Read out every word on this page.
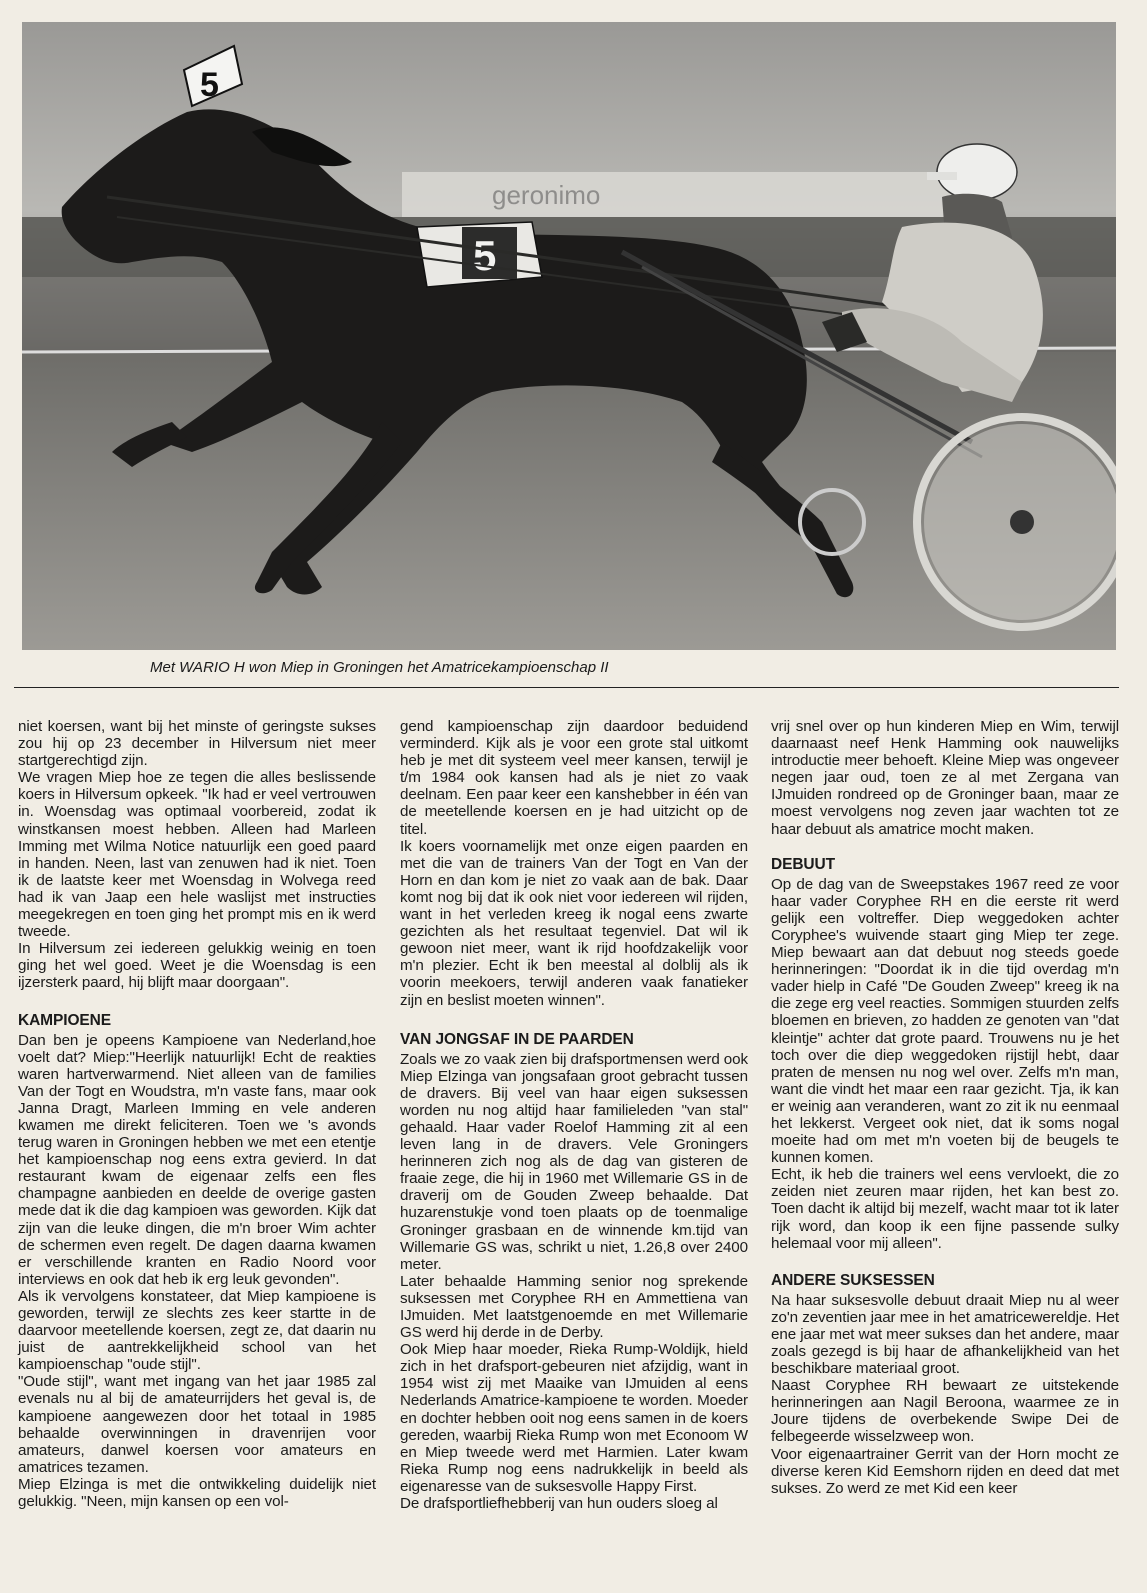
geronimo
5
5
Met WARIO H won Miep in Groningen het Amatricekampioenschap II

niet koersen, want bij het minste of geringste sukses zou hij op 23 december in Hilversum niet meer startgerechtigd zijn.

We vragen Miep hoe ze tegen die alles beslissende koers in Hilversum opkeek. "Ik had er veel vertrouwen in. Woensdag was optimaal voorbereid, zodat ik winstkansen moest hebben. Alleen had Marleen Imming met Wilma Notice natuurlijk een goed paard in handen. Neen, last van zenuwen had ik niet. Toen ik de laatste keer met Woensdag in Wolvega reed had ik van Jaap een hele waslijst met instructies meegekregen en toen ging het prompt mis en ik werd tweede.

In Hilversum zei iedereen gelukkig weinig en toen ging het wel goed. Weet je die Woensdag is een ijzersterk paard, hij blijft maar doorgaan".

KAMPIOENE

Dan ben je opeens Kampioene van Nederland,hoe voelt dat? Miep:"Heerlijk natuurlijk! Echt de reakties waren hartverwarmend. Niet alleen van de families Van der Togt en Woudstra, m'n vaste fans, maar ook Janna Dragt, Marleen Imming en vele anderen kwamen me direkt feliciteren. Toen we 's avonds terug waren in Groningen hebben we met een etentje het kampioenschap nog eens extra gevierd. In dat restaurant kwam de eigenaar zelfs een fles champagne aanbieden en deelde de overige gasten mede dat ik die dag kampioen was geworden. Kijk dat zijn van die leuke dingen, die m'n broer Wim achter de schermen even regelt. De dagen daarna kwamen er verschillende kranten en Radio Noord voor interviews en ook dat heb ik erg leuk gevonden".

Als ik vervolgens konstateer, dat Miep kampioene is geworden, terwijl ze slechts zes keer startte in de daarvoor meetellende koersen, zegt ze, dat daarin nu juist de aantrekkelijkheid school van het kampioenschap "oude stijl".

"Oude stijl", want met ingang van het jaar 1985 zal evenals nu al bij de amateurrijders het geval is, de kampioene aangewezen door het totaal in 1985 behaalde overwinningen in dravenrijen voor amateurs, danwel koersen voor amateurs en amatrices tezamen.

Miep Elzinga is met die ontwikkeling duidelijk niet gelukkig. "Neen, mijn kansen op een vol-

gend kampioenschap zijn daardoor beduidend verminderd. Kijk als je voor een grote stal uitkomt heb je met dit systeem veel meer kansen, terwijl je t/m 1984 ook kansen had als je niet zo vaak deelnam. Een paar keer een kanshebber in één van de meetellende koersen en je had uitzicht op de titel.

Ik koers voornamelijk met onze eigen paarden en met die van de trainers Van der Togt en Van der Horn en dan kom je niet zo vaak aan de bak. Daar komt nog bij dat ik ook niet voor iedereen wil rijden, want in het verleden kreeg ik nogal eens zwarte gezichten als het resultaat tegenviel. Dat wil ik gewoon niet meer, want ik rijd hoofdzakelijk voor m'n plezier. Echt ik ben meestal al dolblij als ik voorin meekoers, terwijl anderen vaak fanatieker zijn en beslist moeten winnen".

VAN JONGSAF IN DE PAARDEN

Zoals we zo vaak zien bij drafsportmensen werd ook Miep Elzinga van jongsafaan groot gebracht tussen de dravers. Bij veel van haar eigen suksessen worden nu nog altijd haar familieleden "van stal" gehaald. Haar vader Roelof Hamming zit al een leven lang in de dravers. Vele Groningers herinneren zich nog als de dag van gisteren de fraaie zege, die hij in 1960 met Willemarie GS in de draverij om de Gouden Zweep behaalde. Dat huzarenstukje vond toen plaats op de toenmalige Groninger grasbaan en de winnende km.tijd van Willemarie GS was, schrikt u niet, 1.26,8 over 2400 meter.

Later behaalde Hamming senior nog sprekende suksessen met Coryphee RH en Ammettiena van IJmuiden. Met laatstgenoemde en met Willemarie GS werd hij derde in de Derby.

Ook Miep haar moeder, Rieka Rump-Woldijk, hield zich in het drafsport-gebeuren niet afzijdig, want in 1954 wist zij met Maaike van IJmuiden al eens Nederlands Amatrice-kampioene te worden. Moeder en dochter hebben ooit nog eens samen in de koers gereden, waarbij Rieka Rump won met Econoom W en Miep tweede werd met Harmien. Later kwam Rieka Rump nog eens nadrukkelijk in beeld als eigenaresse van de suksesvolle Happy First.

De drafsportliefhebberij van hun ouders sloeg al

vrij snel over op hun kinderen Miep en Wim, terwijl daarnaast neef Henk Hamming ook nauwelijks introductie meer behoeft. Kleine Miep was ongeveer negen jaar oud, toen ze al met Zergana van IJmuiden rondreed op de Groninger baan, maar ze moest vervolgens nog zeven jaar wachten tot ze haar debuut als amatrice mocht maken.

DEBUUT

Op de dag van de Sweepstakes 1967 reed ze voor haar vader Coryphee RH en die eerste rit werd gelijk een voltreffer. Diep weggedoken achter Coryphee's wuivende staart ging Miep ter zege. Miep bewaart aan dat debuut nog steeds goede herinneringen: "Doordat ik in die tijd overdag m'n vader hielp in Café "De Gouden Zweep" kreeg ik na die zege erg veel reacties. Sommigen stuurden zelfs bloemen en brieven, zo hadden ze genoten van "dat kleintje" achter dat grote paard. Trouwens nu je het toch over die diep weggedoken rijstijl hebt, daar praten de mensen nu nog wel over. Zelfs m'n man, want die vindt het maar een raar gezicht. Tja, ik kan er weinig aan veranderen, want zo zit ik nu eenmaal het lekkerst. Vergeet ook niet, dat ik soms nogal moeite had om met m'n voeten bij de beugels te kunnen komen.

Echt, ik heb die trainers wel eens vervloekt, die zo zeiden niet zeuren maar rijden, het kan best zo. Toen dacht ik altijd bij mezelf, wacht maar tot ik later rijk word, dan koop ik een fijne passende sulky helemaal voor mij alleen".

ANDERE SUKSESSEN

Na haar suksesvolle debuut draait Miep nu al weer zo'n zeventien jaar mee in het amatricewereldje. Het ene jaar met wat meer sukses dan het andere, maar zoals gezegd is bij haar de afhankelijkheid van het beschikbare materiaal groot.

Naast Coryphee RH bewaart ze uitstekende herinneringen aan Nagil Beroona, waarmee ze in Joure tijdens de overbekende Swipe Dei de felbegeerde wisselzweep won.

Voor eigenaartrainer Gerrit van der Horn mocht ze diverse keren Kid Eemshorn rijden en deed dat met sukses. Zo werd ze met Kid een keer
